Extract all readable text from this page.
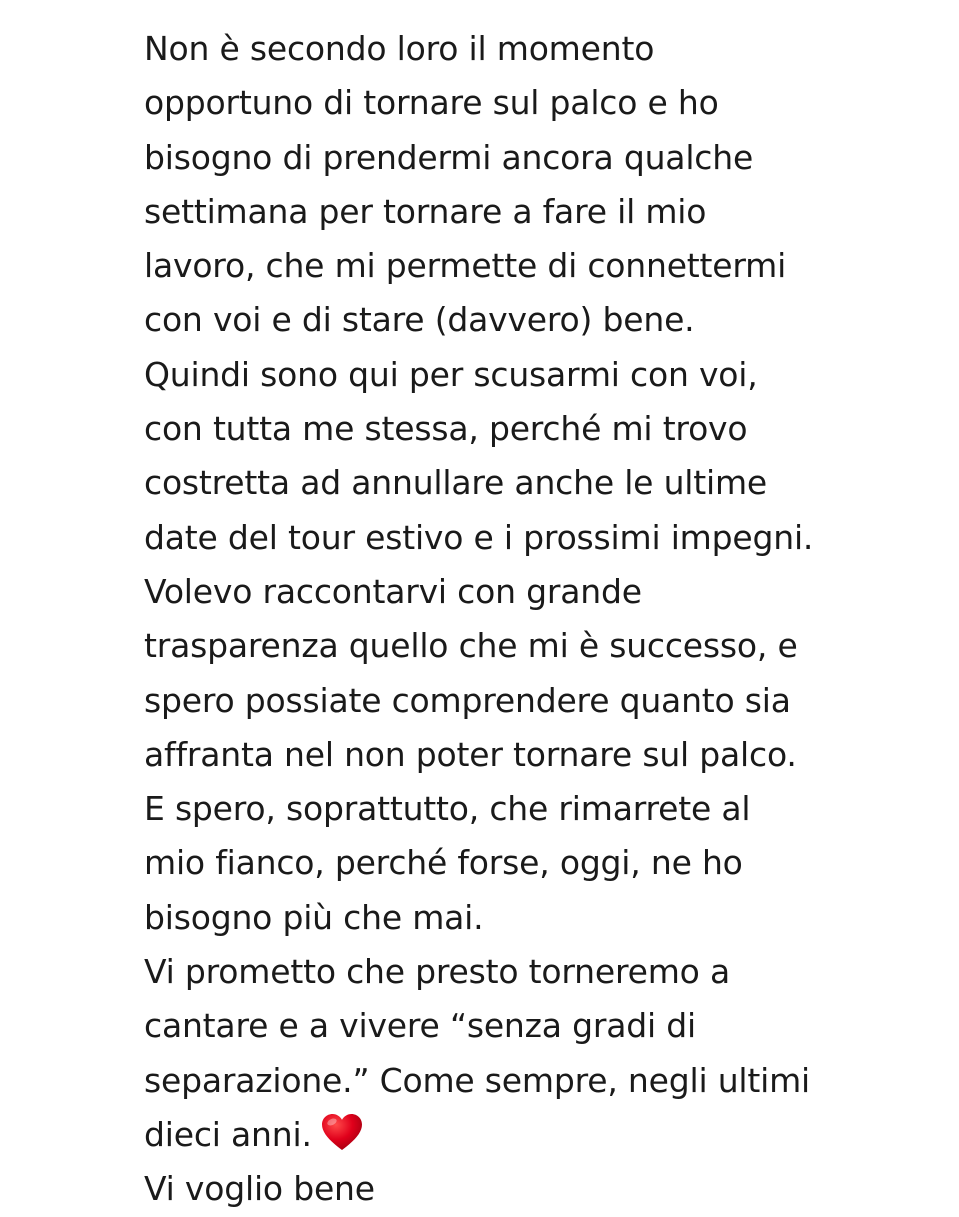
Non è secondo loro il momento
opportuno di tornare sul palco e ho
bisogno di prendermi ancora qualche
settimana per tornare a fare il mio
lavoro, che mi permette di connettermi
con voi e di stare (davvero) bene.
Quindi sono qui per scusarmi con voi,
con tutta me stessa, perché mi trovo
costretta ad annullare anche le ultime
date del tour estivo e i prossimi impegni.
Volevo raccontarvi con grande
trasparenza quello che mi è successo, e
spero possiate comprendere quanto sia
affranta nel non poter tornare sul palco.
E spero, soprattutto, che rimarrete al
mio fianco, perché forse, oggi, ne ho
bisogno più che mai.
Vi prometto che presto torneremo a
cantare e a vivere “senza gradi di
separazione.” Come sempre, negli ultimi
dieci anni.
Vi voglio bene
